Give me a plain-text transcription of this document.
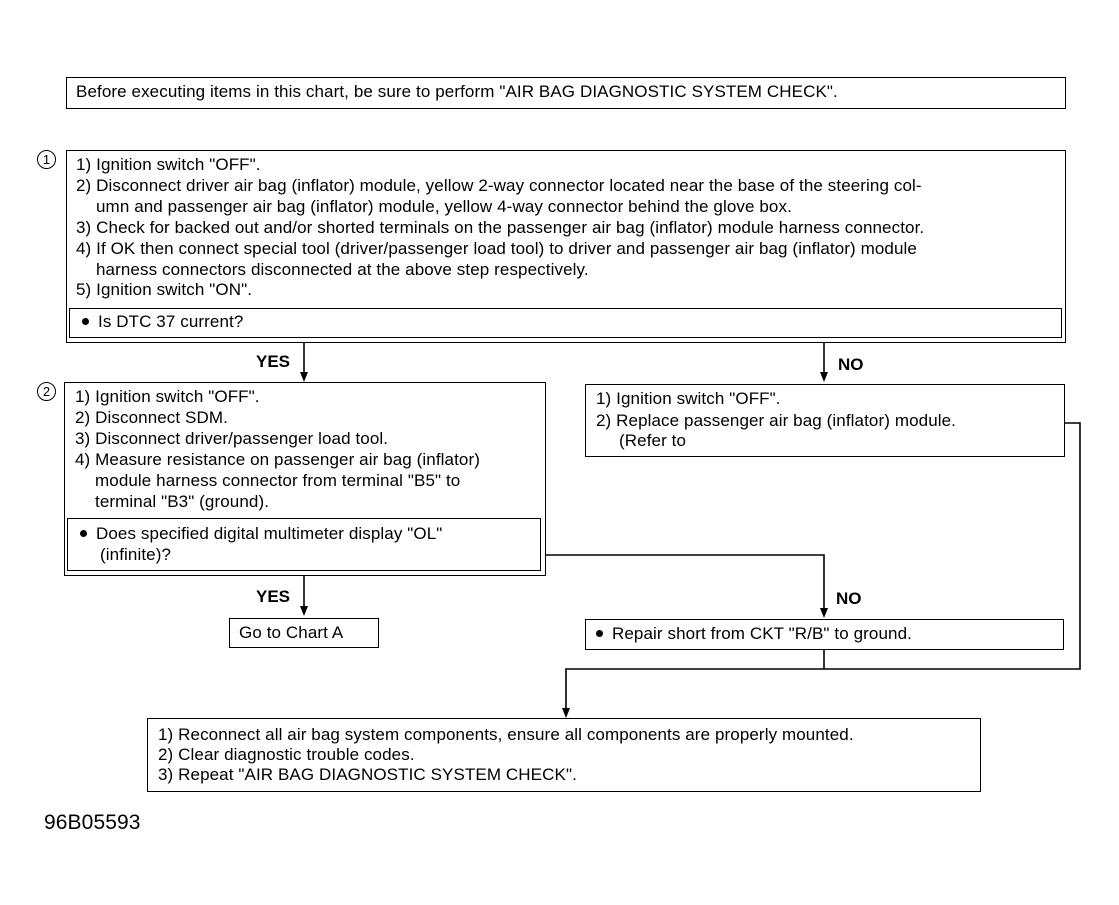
Before executing items in this chart, be sure to perform "AIR BAG DIAGNOSTIC SYSTEM CHECK".
1	1) Ignition switch "OFF".
2) Disconnect driver air bag (inflator) module, yellow 2-way connector located near the base of the steering col-
umn and passenger air bag (inflator) module, yellow 4-way connector behind the glove box.
3) Check for backed out and/or shorted terminals on the passenger air bag (inflator) module harness connector.
4) If OK then connect special tool (driver/passenger load tool) to driver and passenger air bag (inflator) module
harness connectors disconnected at the above step respectively.
5) Ignition switch "ON".
Is DTC 37 current?
YES	NO
2	1) Ignition switch "OFF".
2) Disconnect SDM.
3) Disconnect driver/passenger load tool.
4) Measure resistance on passenger air bag (inflator)
module harness connector from terminal "B5" to
terminal "B3" (ground).
Does specified digital multimeter display "OL"
(infinite)?
1) Ignition switch "OFF".
2) Replace passenger air bag (inflator) module.
(Refer to
YES	NO
Go to Chart A	Repair short from CKT "R/B" to ground.
1) Reconnect all air bag system components, ensure all components are properly mounted.
2) Clear diagnostic trouble codes.
3) Repeat "AIR BAG DIAGNOSTIC SYSTEM CHECK".
96B05593
